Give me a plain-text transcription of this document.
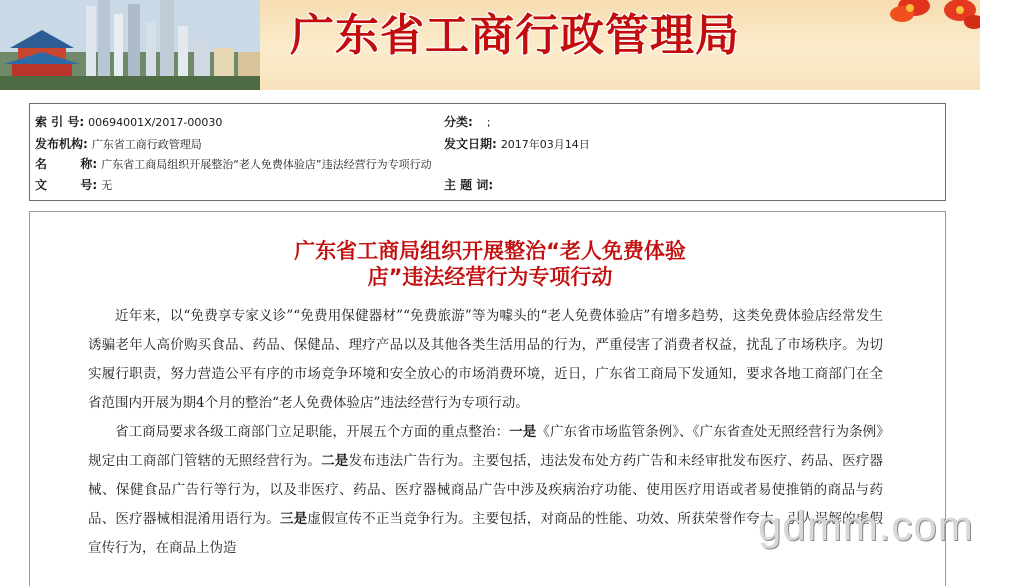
广东省工商行政管理局
索 引 号: 00694001X/2017-00030	分类:;
发布机构: 广东省工商行政管理局	发文日期: 2017年03月14日
名        称: 广东省工商局组织开展整治“老人免费体验店”违法经营行为专项行动
文        号: 无	主 题 词:
广东省工商局组织开展整治“老人免费体验
店”违法经营行为专项行动

近年来，以“免费享专家义诊”“免费用保健器材”“免费旅游”等为噱头的“老人免费体验店”有增多趋势，这类免费体验店经常发生诱骗老年人高价购买食品、药品、保健品、理疗产品以及其他各类生活用品的行为，严重侵害了消费者权益，扰乱了市场秩序。为切实履行职责，努力营造公平有序的市场竞争环境和安全放心的市场消费环境，近日，广东省工商局下发通知，要求各地工商部门在全省范围内开展为期4个月的整治“老人免费体验店”违法经营行为专项行动。

省工商局要求各级工商部门立足职能，开展五个方面的重点整治：一是《广东省市场监管条例》、《广东省查处无照经营行为条例》规定由工商部门管辖的无照经营行为。二是发布违法广告行为。主要包括，违法发布处方药广告和未经审批发布医疗、药品、医疗器械、保健食品广告行等行为，以及非医疗、药品、医疗器械商品广告中涉及疾病治疗功能、使用医疗用语或者易使推销的商品与药品、医疗器械相混淆用语行为。三是虚假宣传不正当竞争行为。主要包括，对商品的性能、功效、所获荣誉作夸大、引人误解的虚假宣传行为，在商品上伪造	gdmm.com
